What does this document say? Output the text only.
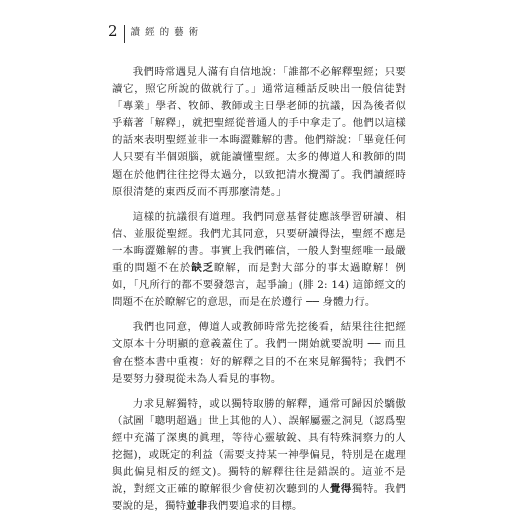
2 讀 經 的 藝 術

我們時常遇見人滿有自信地說：「誰都不必解釋聖經；只要讀它，照它所說的做就行了。」通常這種話反映出一般信徒對「專業」學者、牧師、教師或主日學老師的抗議，因為後者似乎藉著「解釋」，就把聖經從普通人的手中拿走了。他們以這樣的話來表明聖經並非一本晦澀難解的書。他們辯說：「畢竟任何人只要有半個頭腦，就能讀懂聖經。太多的傳道人和教師的問題在於他們往往挖得太過分，以致把清水攪濁了。我們讀經時原很清楚的東西反而不再那麼清楚。」

這樣的抗議很有道理。我們同意基督徒應該學習研讀、相信、並服從聖經。我們尤其同意，只要研讀得法，聖經不應是一本晦澀難解的書。事實上我們確信，一般人對聖經唯一最嚴重的問題不在於缺乏瞭解，而是對大部分的事太過瞭解！例如，「凡所行的都不要發怨言，起爭論」(腓 2: 14) 這節經文的問題不在於瞭解它的意思，而是在於遵行 ── 身體力行。

我們也同意，傳道人或教師時常先挖後看，結果往往把經文原本十分明顯的意義蓋住了。我們一開始就要說明 ── 而且會在整本書中重複：好的解釋之目的不在來見解獨特；我們不是要努力發現從未為人看見的事物。

力求見解獨特，或以獨特取勝的解釋，通常可歸因於驕傲（試圖「聰明超過」世上其他的人）、誤解屬靈之洞見（認爲聖經中充滿了深奧的眞理，等待心靈敏銳、具有特殊洞察力的人挖掘)，或既定的利益（需要支持某一神學偏見，特別是在處理與此偏見相反的經文)。獨特的解釋往往是錯誤的。這並不是說，對經文正確的瞭解很少會使初次聽到的人覺得獨特。我們要說的是，獨特並非我們要追求的目標。
